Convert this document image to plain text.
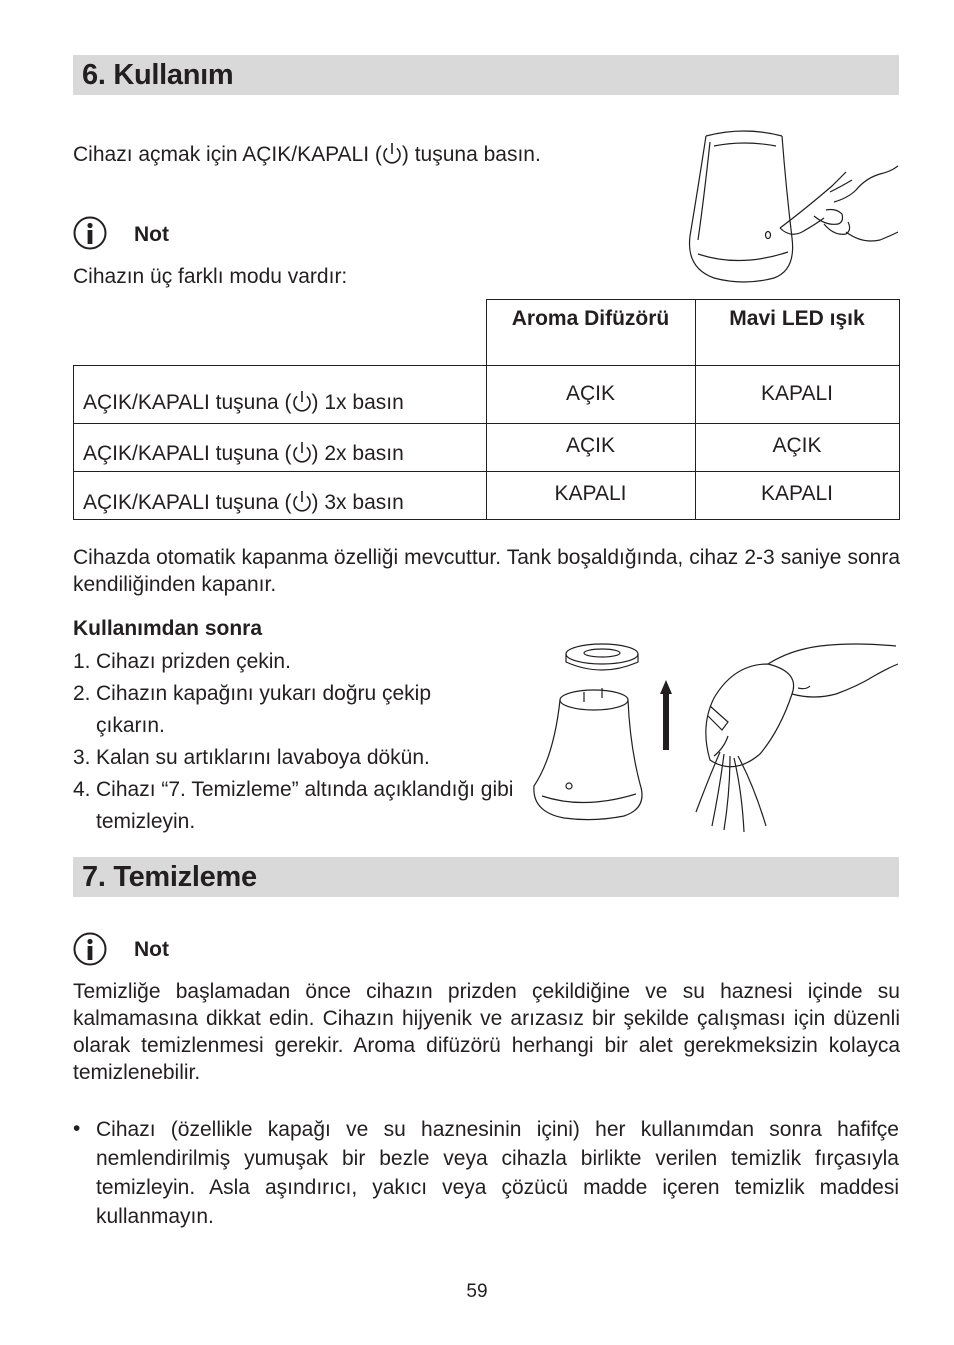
6. Kullanım
Cihazı açmak için AÇIK/KAPALI ( ) tuşuna basın.
Not
Cihazın üç farklı modu vardır:
	Aroma Difüzörü	Mavi LED ışık
AÇIK/KAPALI tuşuna ( ) 1x basın	AÇIK	KAPALI
AÇIK/KAPALI tuşuna ( ) 2x basın	AÇIK	AÇIK
AÇIK/KAPALI tuşuna ( ) 3x basın	KAPALI	KAPALI
Cihazda otomatik kapanma özelliği mevcuttur. Tank boşaldığında, cihaz 2-3 saniye sonra kendiliğinden kapanır.
Kullanımdan sonra
1. Cihazı prizden çekin.
2. Cihazın kapağını yukarı doğru çekip çıkarın.
3. Kalan su artıklarını lavaboya dökün.
4. Cihazı “7. Temizleme” altında açıklandığı gibi temizleyin.
7. Temizleme
Not
Temizliğe başlamadan önce cihazın prizden çekildiğine ve su haznesi içinde su kalmamasına dikkat edin. Cihazın hijyenik ve arızasız bir şekilde çalışması için düzenli olarak temizlenmesi gerekir. Aroma difüzörü herhangi bir alet gerekmeksizin kolayca temizlenebilir.
• Cihazı (özellikle kapağı ve su haznesinin içini) her kullanımdan sonra hafifçe nemlendirilmiş yumuşak bir bezle veya cihazla birlikte verilen temizlik fırçasıyla temizleyin. Asla aşındırıcı, yakıcı veya çözücü madde içeren temizlik maddesi kullanmayın.
59
